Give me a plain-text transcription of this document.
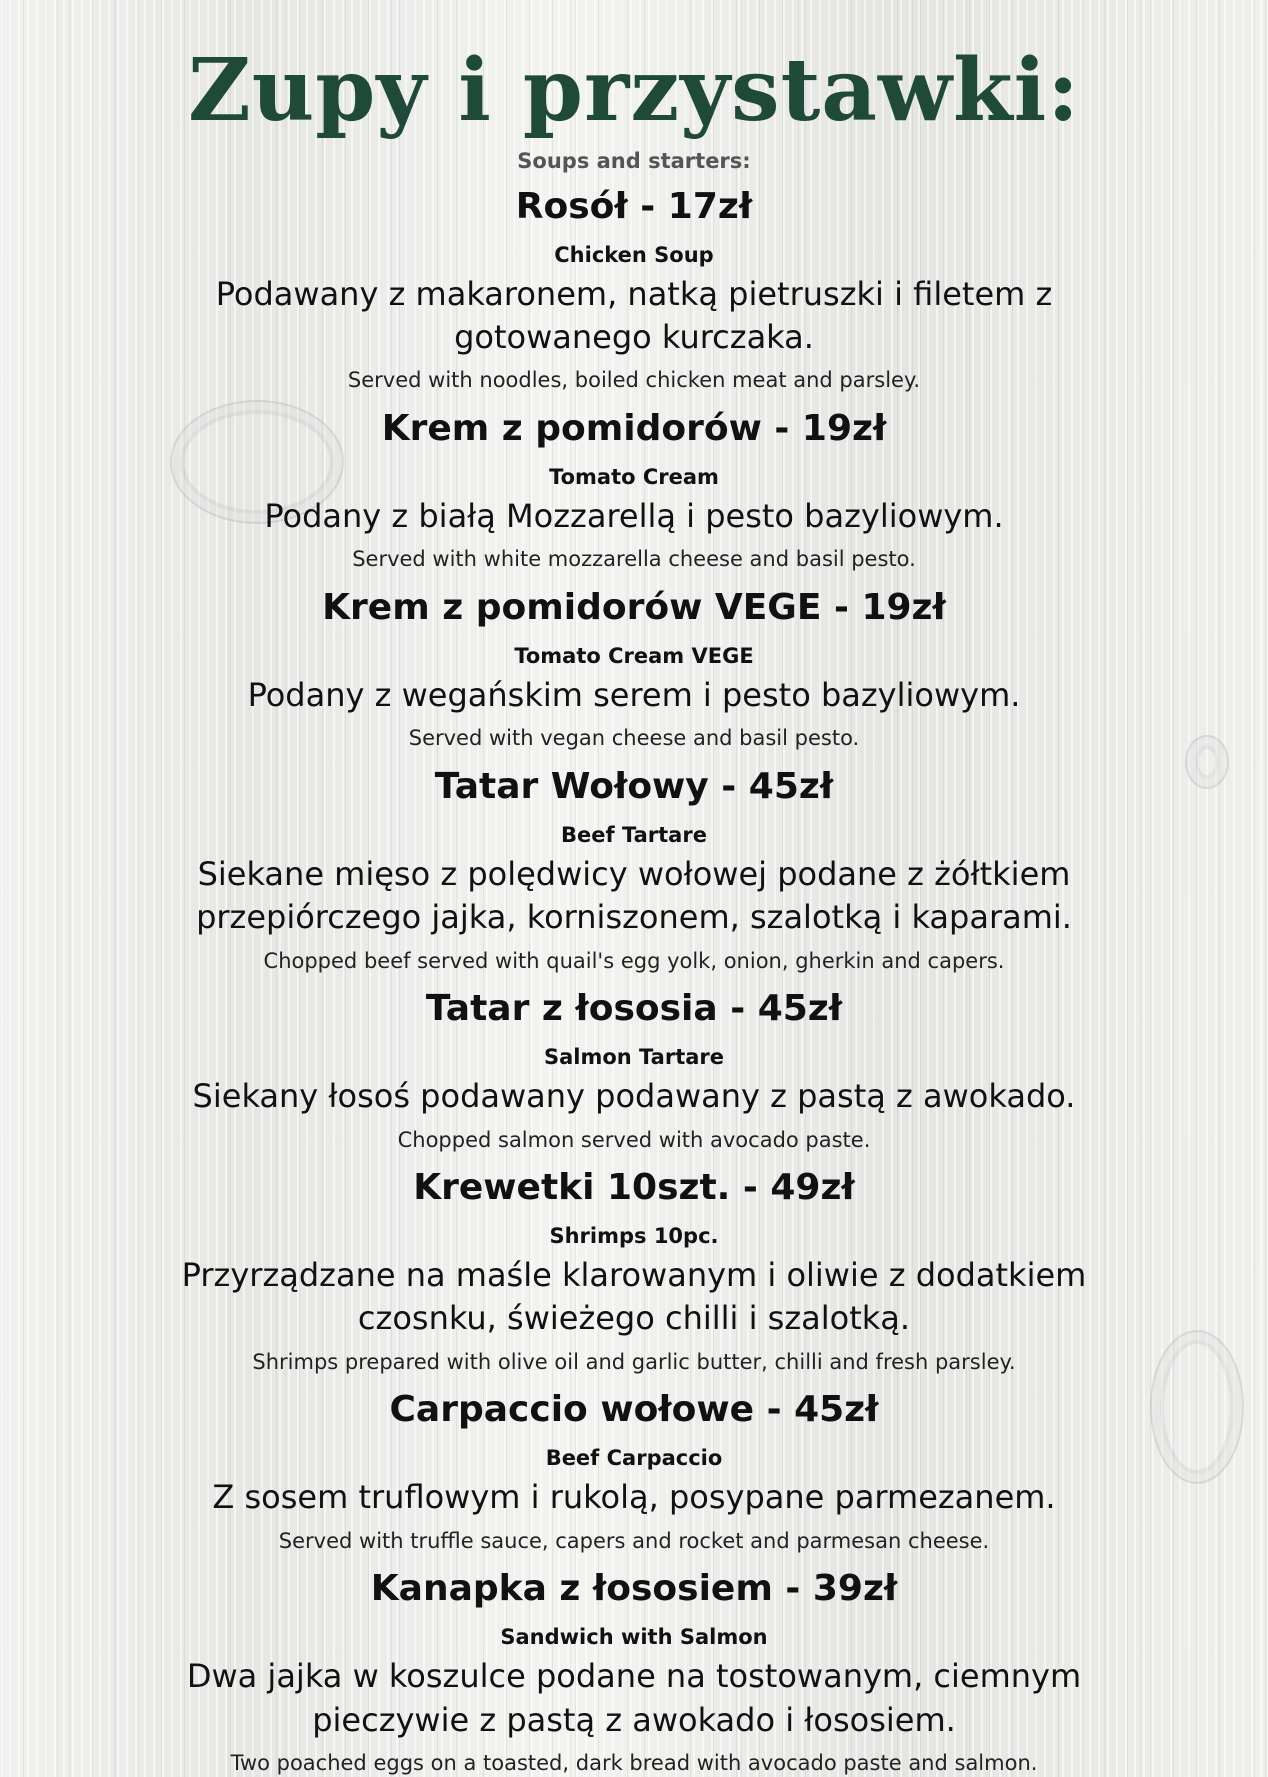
Zupy i przystawki:
Soups and starters:
Rosół - 17zł
Chicken Soup
Podawany z makaronem, natką pietruszki i filetem z gotowanego kurczaka.
Served with noodles, boiled chicken meat and parsley.
Krem z pomidorów - 19zł
Tomato Cream
Podany z białą Mozzarellą i pesto bazyliowym.
Served with white mozzarella cheese and basil pesto.
Krem z pomidorów VEGE - 19zł
Tomato Cream VEGE
Podany z wegańskim serem i pesto bazyliowym.
Served with vegan cheese and basil pesto.
Tatar Wołowy - 45zł
Beef Tartare
Siekane mięso z polędwicy wołowej podane z żółtkiem przepiórczego jajka, korniszonem, szalotką i kaparami.
Chopped beef served with quail's egg yolk, onion, gherkin and capers.
Tatar z łososia - 45zł
Salmon Tartare
Siekany łosoś podawany podawany z pastą z awokado.
Chopped salmon served with avocado paste.
Krewetki 10szt. - 49zł
Shrimps 10pc.
Przyrządzane na maśle klarowanym i oliwie z dodatkiem czosnku, świeżego chilli i szalotką.
Shrimps prepared with olive oil and garlic butter, chilli and fresh parsley.
Carpaccio wołowe - 45zł
Beef Carpaccio
Z sosem truflowym i rukolą, posypane parmezanem.
Served with truffle sauce, capers and rocket and parmesan cheese.
Kanapka z łososiem - 39zł
Sandwich with Salmon
Dwa jajka w koszulce podane na tostowanym, ciemnym pieczywie z pastą z awokado i łososiem.
Two poached eggs on a toasted, dark bread with avocado paste and salmon.
